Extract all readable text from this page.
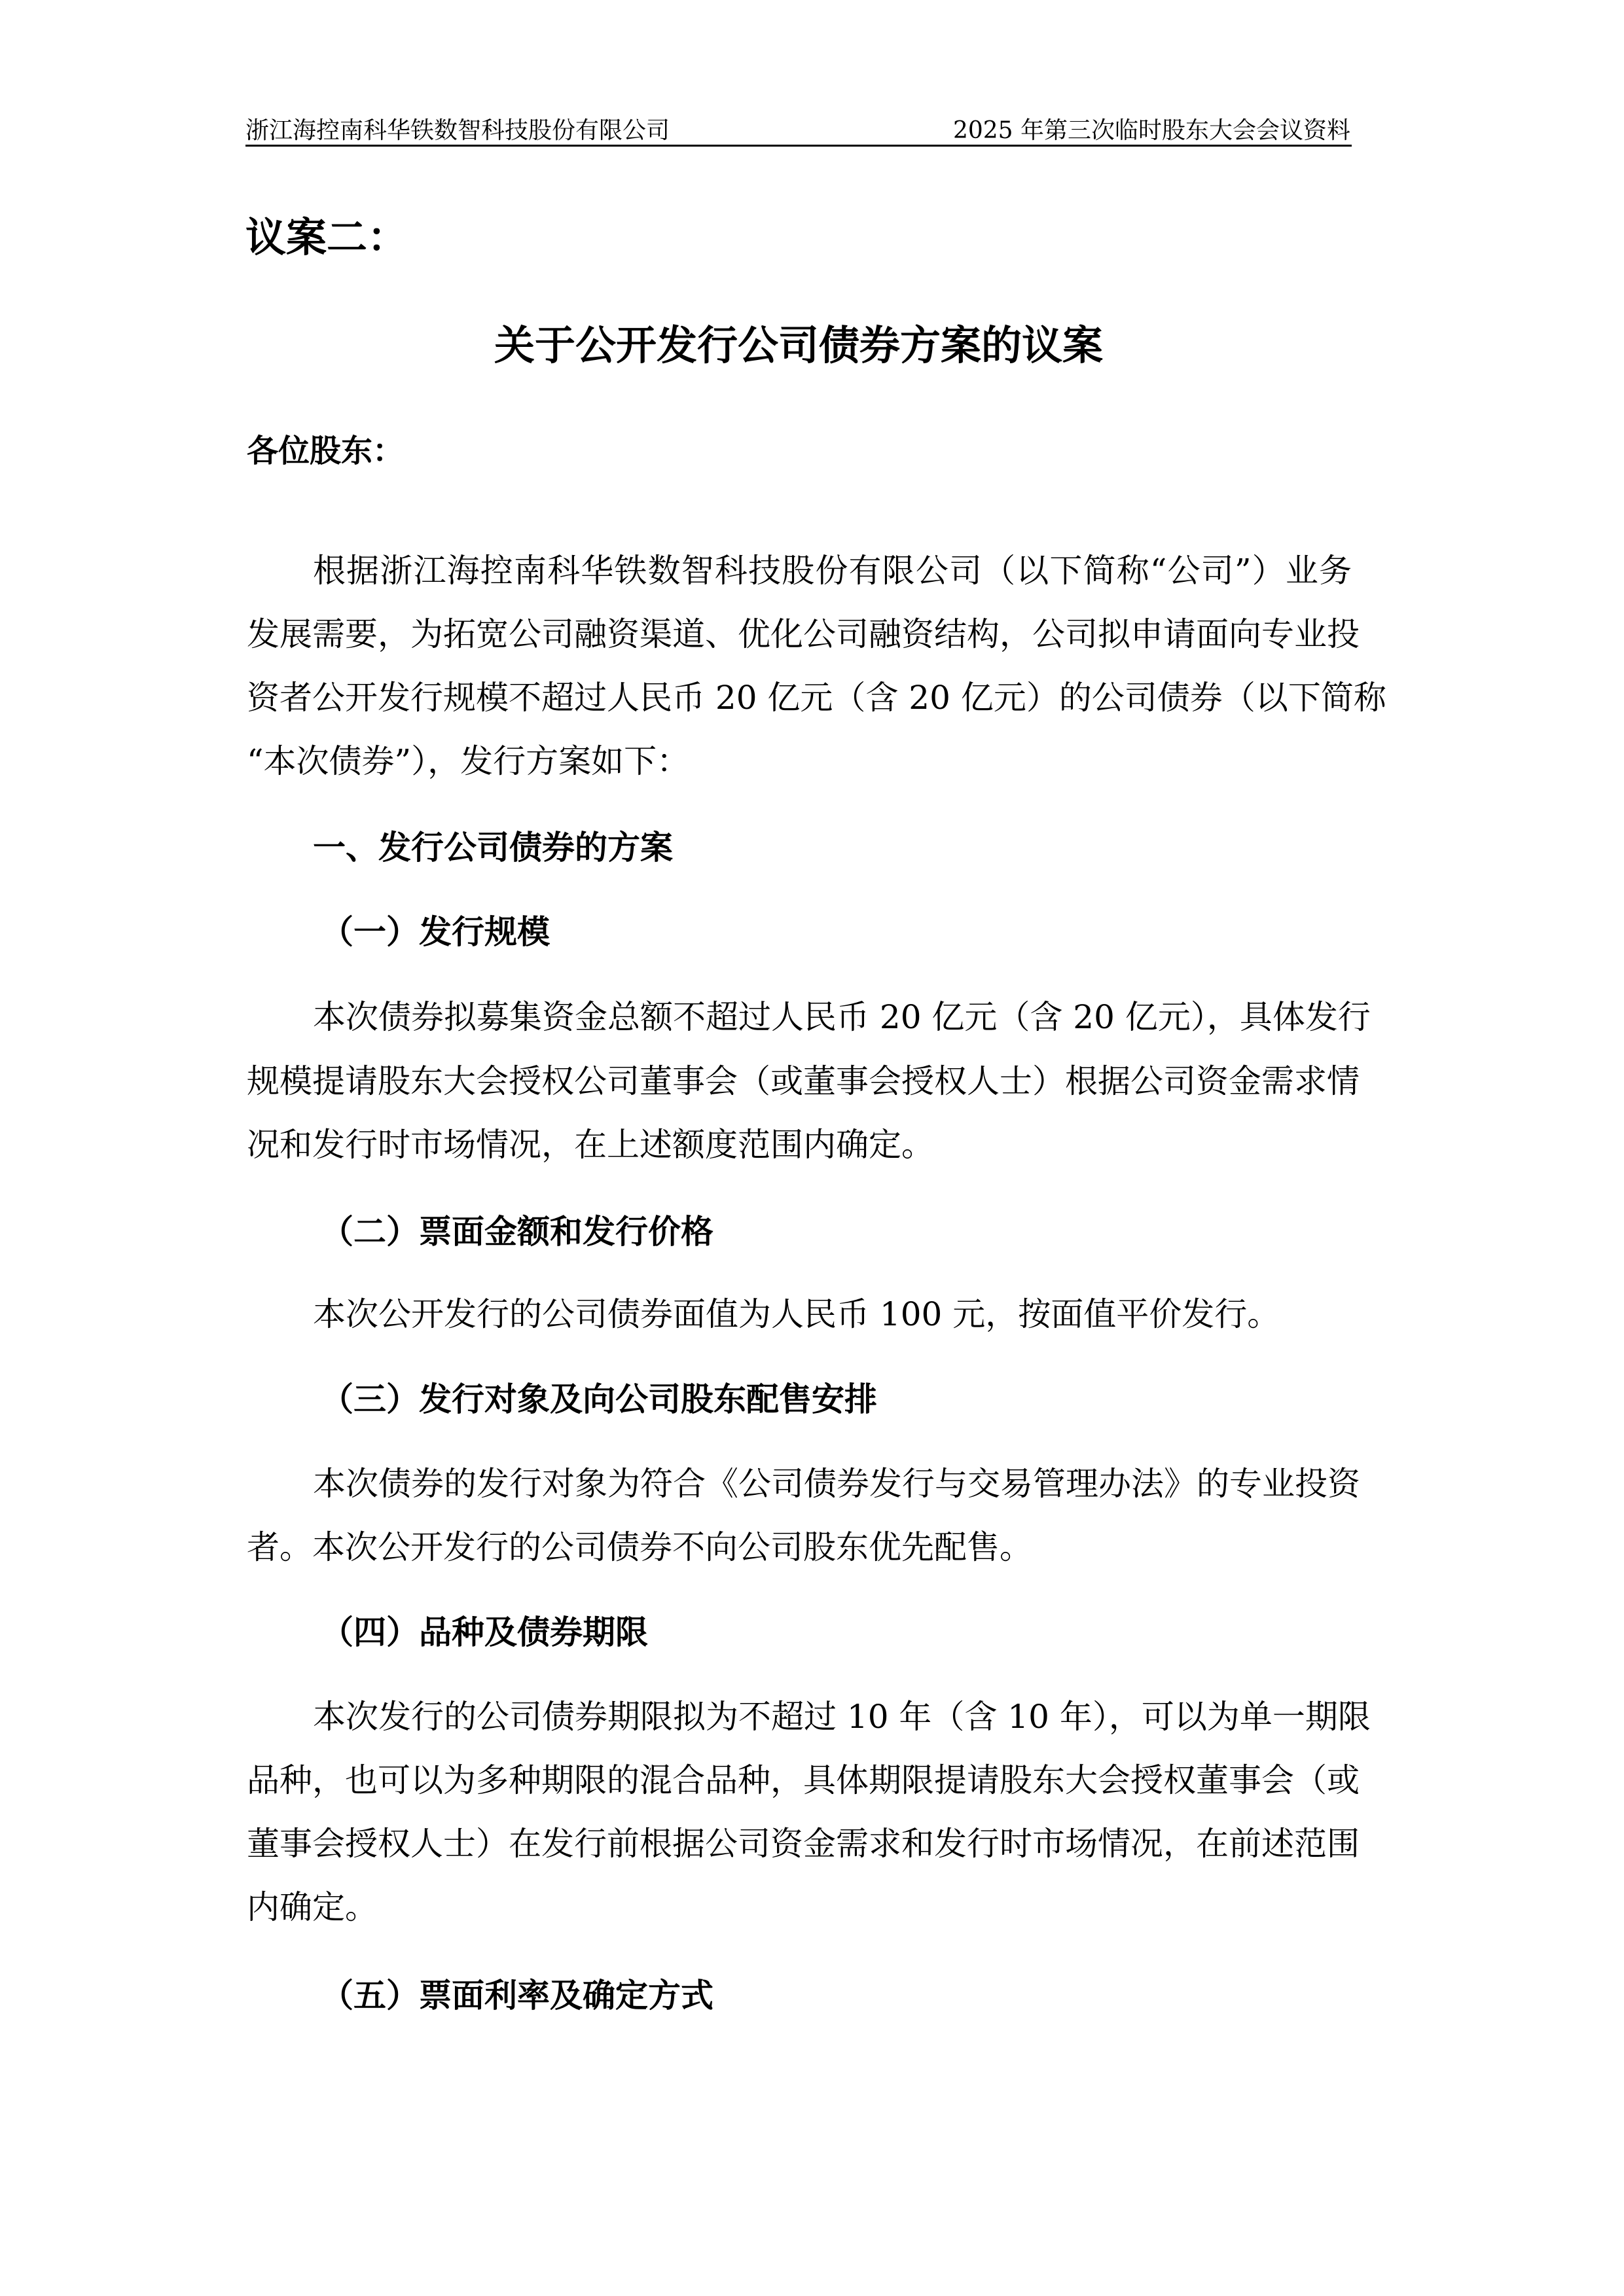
浙江海控南科华铁数智科技股份有限公司	2025 年第三次临时股东大会会议资料
议案二：
关于公开发行公司债券方案的议案
各位股东：
根据浙江海控南科华铁数智科技股份有限公司（以下简称“公司”）业务
发展需要，为拓宽公司融资渠道、优化公司融资结构，公司拟申请面向专业投
资者公开发行规模不超过人民币 20 亿元（含 20 亿元）的公司债券（以下简称
“本次债券”），发行方案如下：
一、发行公司债券的方案
（一）发行规模
本次债券拟募集资金总额不超过人民币 20 亿元（含 20 亿元），具体发行
规模提请股东大会授权公司董事会（或董事会授权人士）根据公司资金需求情
况和发行时市场情况，在上述额度范围内确定。
（二）票面金额和发行价格
本次公开发行的公司债券面值为人民币 100 元，按面值平价发行。
（三）发行对象及向公司股东配售安排
本次债券的发行对象为符合《公司债券发行与交易管理办法》的专业投资
者。本次公开发行的公司债券不向公司股东优先配售。
（四）品种及债券期限
本次发行的公司债券期限拟为不超过 10 年（含 10 年），可以为单一期限
品种，也可以为多种期限的混合品种，具体期限提请股东大会授权董事会（或
董事会授权人士）在发行前根据公司资金需求和发行时市场情况，在前述范围
内确定。
（五）票面利率及确定方式
